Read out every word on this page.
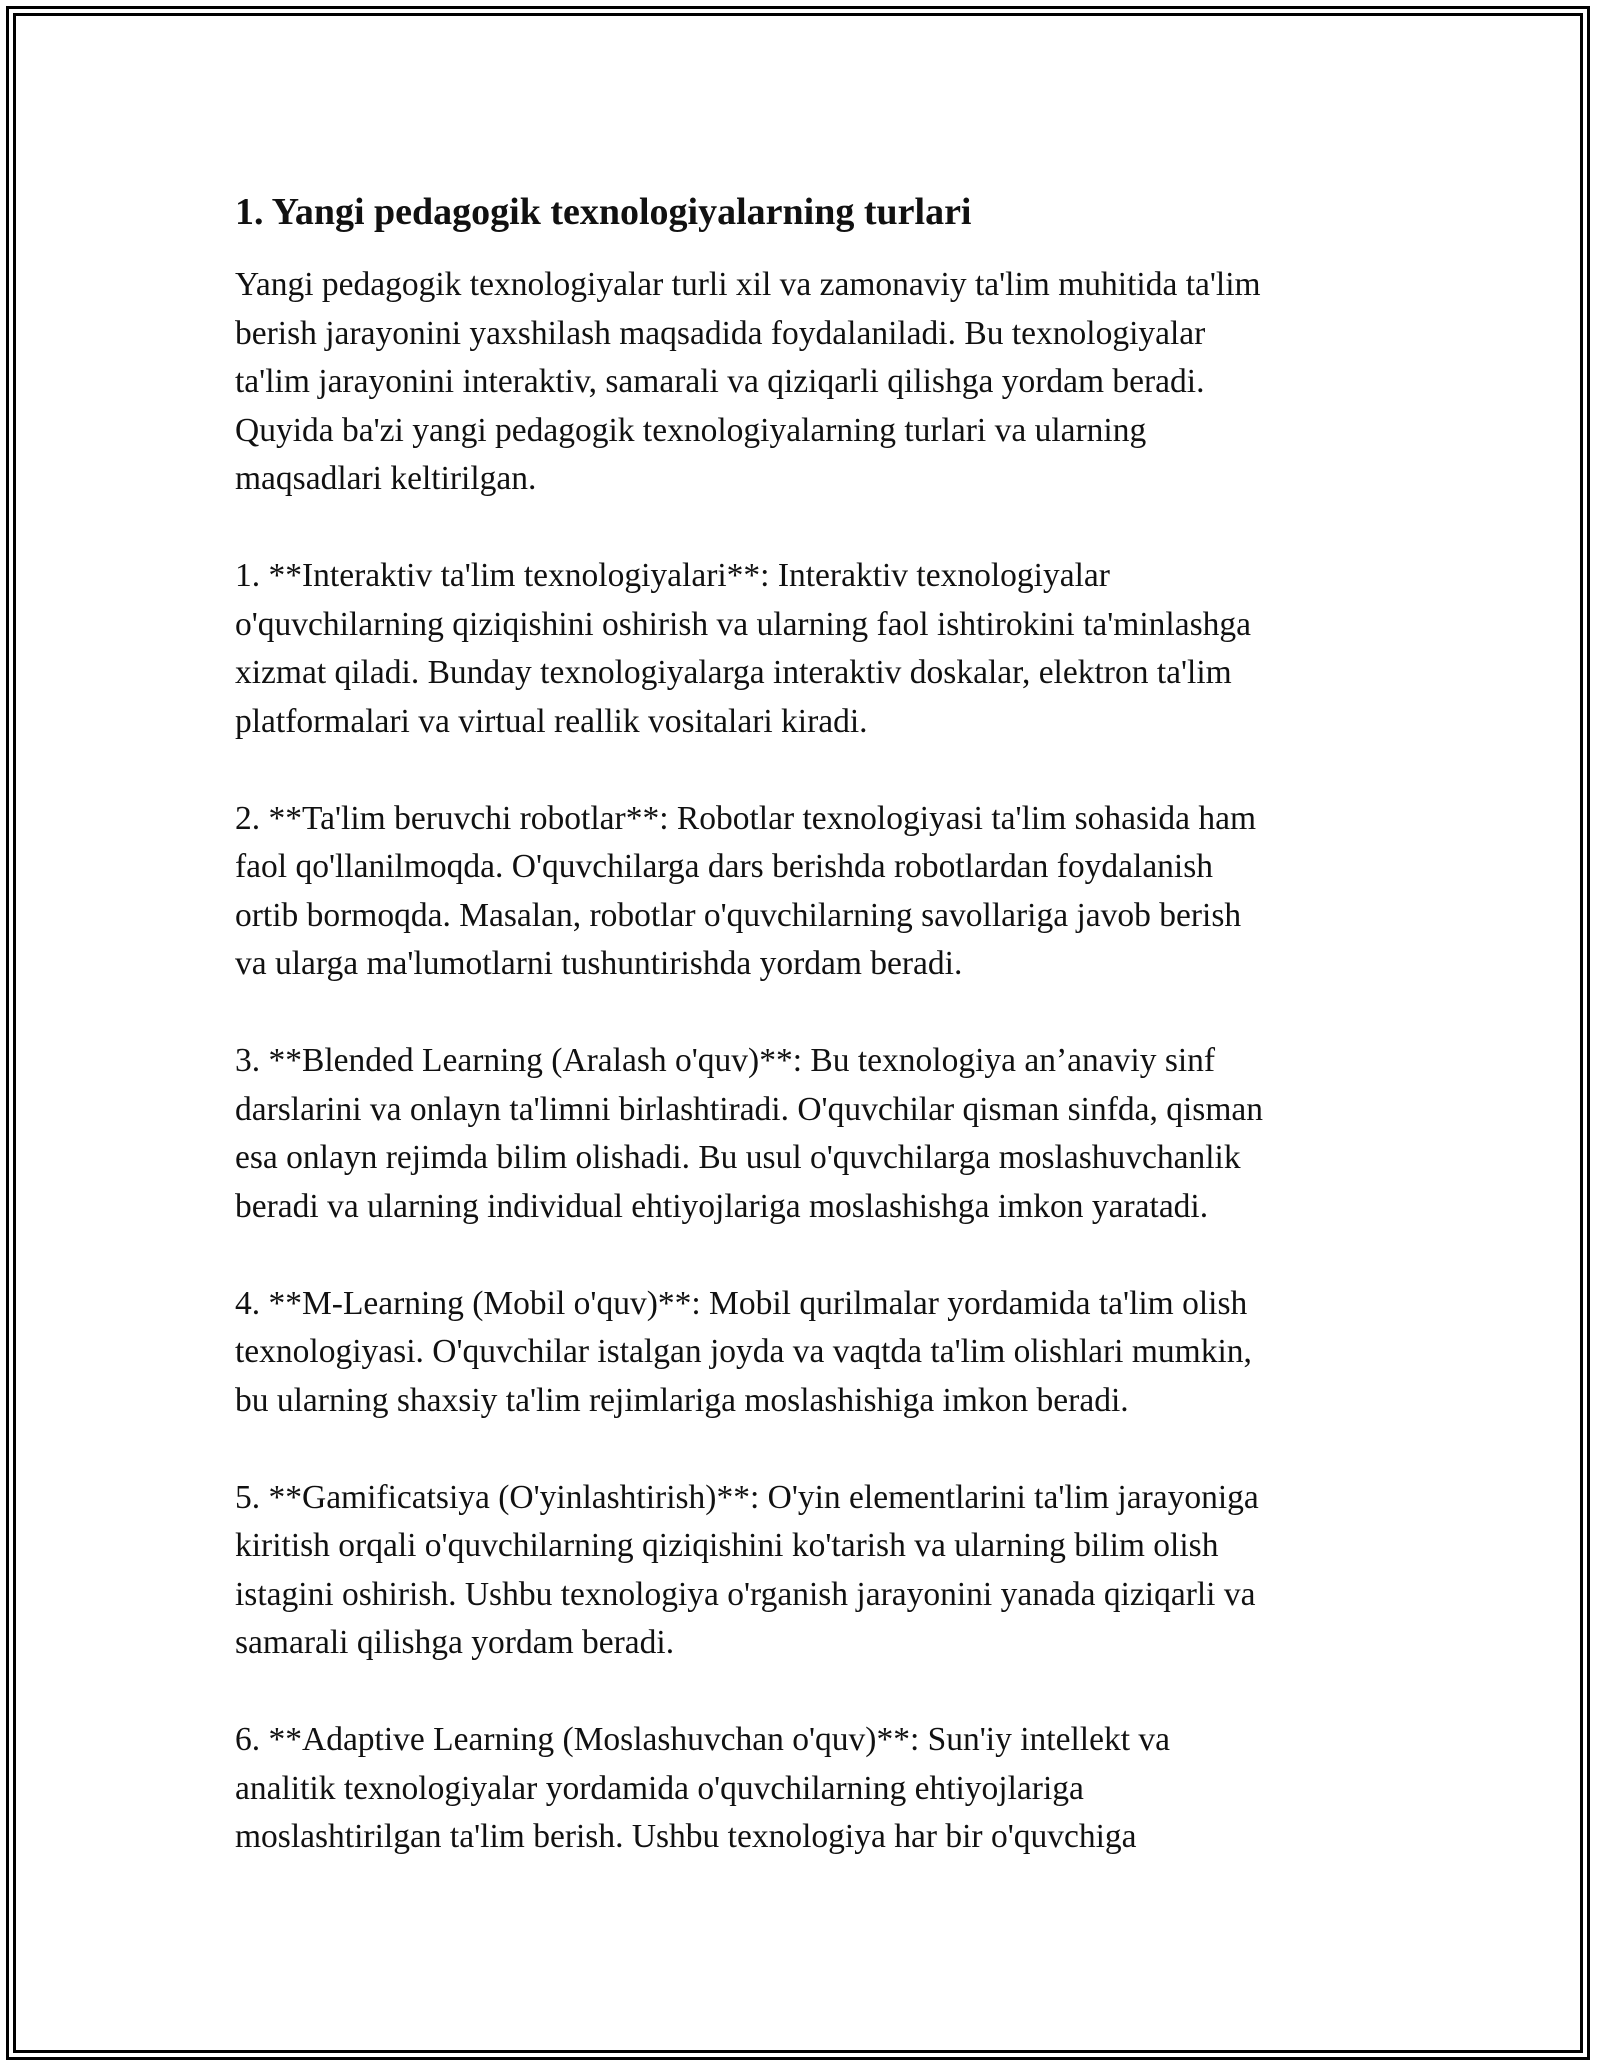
1. Yangi pedagogik texnologiyalarning turlari

Yangi pedagogik texnologiyalar turli xil va zamonaviy ta'lim muhitida ta'lim
berish jarayonini yaxshilash maqsadida foydalaniladi. Bu texnologiyalar
ta'lim jarayonini interaktiv, samarali va qiziqarli qilishga yordam beradi.
Quyida ba'zi yangi pedagogik texnologiyalarning turlari va ularning
maqsadlari keltirilgan.

1. **Interaktiv ta'lim texnologiyalari**: Interaktiv texnologiyalar
o'quvchilarning qiziqishini oshirish va ularning faol ishtirokini ta'minlashga
xizmat qiladi. Bunday texnologiyalarga interaktiv doskalar, elektron ta'lim
platformalari va virtual reallik vositalari kiradi.

2. **Ta'lim beruvchi robotlar**: Robotlar texnologiyasi ta'lim sohasida ham
faol qo'llanilmoqda. O'quvchilarga dars berishda robotlardan foydalanish
ortib bormoqda. Masalan, robotlar o'quvchilarning savollariga javob berish
va ularga ma'lumotlarni tushuntirishda yordam beradi.

3. **Blended Learning (Aralash o'quv)**: Bu texnologiya an’anaviy sinf
darslarini va onlayn ta'limni birlashtiradi. O'quvchilar qisman sinfda, qisman
esa onlayn rejimda bilim olishadi. Bu usul o'quvchilarga moslashuvchanlik
beradi va ularning individual ehtiyojlariga moslashishga imkon yaratadi.

4. **M-Learning (Mobil o'quv)**: Mobil qurilmalar yordamida ta'lim olish
texnologiyasi. O'quvchilar istalgan joyda va vaqtda ta'lim olishlari mumkin,
bu ularning shaxsiy ta'lim rejimlariga moslashishiga imkon beradi.

5. **Gamificatsiya (O'yinlashtirish)**: O'yin elementlarini ta'lim jarayoniga
kiritish orqali o'quvchilarning qiziqishini ko'tarish va ularning bilim olish
istagini oshirish. Ushbu texnologiya o'rganish jarayonini yanada qiziqarli va
samarali qilishga yordam beradi.

6. **Adaptive Learning (Moslashuvchan o'quv)**: Sun'iy intellekt va
analitik texnologiyalar yordamida o'quvchilarning ehtiyojlariga
moslashtirilgan ta'lim berish. Ushbu texnologiya har bir o'quvchiga
